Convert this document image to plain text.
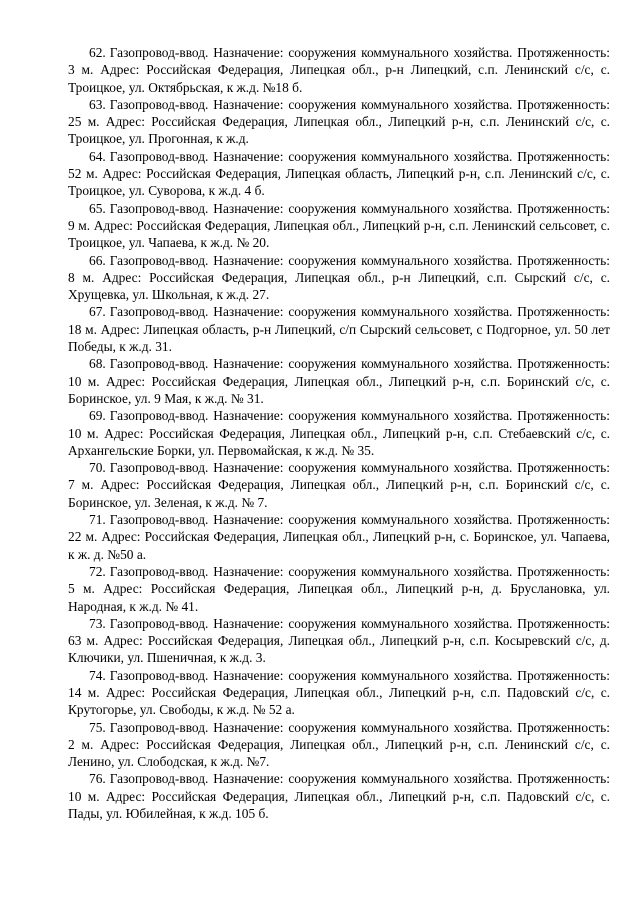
62. Газопровод-ввод. Назначение: сооружения коммунального хозяйства. Протяженность: 3 м. Адрес: Российская Федерация, Липецкая обл., р-н Липецкий, с.п. Ленинский с/с, с. Троицкое, ул. Октябрьская, к ж.д. №18 б.

63. Газопровод-ввод. Назначение: сооружения коммунального хозяйства. Протяженность: 25 м. Адрес: Российская Федерация, Липецкая обл., Липецкий р-н, с.п. Ленинский с/с, с. Троицкое, ул. Прогонная, к ж.д.

64. Газопровод-ввод. Назначение: сооружения коммунального хозяйства. Протяженность: 52 м. Адрес: Российская Федерация, Липецкая область, Липецкий р-н, с.п. Ленинский с/с, с. Троицкое, ул. Суворова, к ж.д. 4 б.

65. Газопровод-ввод. Назначение: сооружения коммунального хозяйства. Протяженность: 9 м. Адрес: Российская Федерация, Липецкая обл., Липецкий р-н, с.п. Ленинский сельсовет, с. Троицкое, ул. Чапаева, к ж.д. № 20.

66. Газопровод-ввод. Назначение: сооружения коммунального хозяйства. Протяженность: 8 м. Адрес: Российская Федерация, Липецкая обл., р-н Липецкий, с.п. Сырский с/с, с. Хрущевка, ул. Школьная, к ж.д. 27.

67. Газопровод-ввод. Назначение: сооружения коммунального хозяйства. Протяженность: 18 м. Адрес: Липецкая область, р-н Липецкий, с/п Сырский сельсовет, с Подгорное, ул. 50 лет Победы, к ж.д. 31.

68. Газопровод-ввод. Назначение: сооружения коммунального хозяйства. Протяженность: 10 м. Адрес: Российская Федерация, Липецкая обл., Липецкий р-н, с.п. Боринский с/с, с. Боринское, ул. 9 Мая, к ж.д. № 31.

69. Газопровод-ввод. Назначение: сооружения коммунального хозяйства. Протяженность: 10 м. Адрес: Российская Федерация, Липецкая обл., Липецкий р-н, с.п. Стебаевский с/с, с. Архангельские Борки, ул. Первомайская, к ж.д. № 35.

70. Газопровод-ввод. Назначение: сооружения коммунального хозяйства. Протяженность: 7 м. Адрес: Российская Федерация, Липецкая обл., Липецкий р-н, с.п. Боринский с/с, с. Боринское, ул. Зеленая, к ж.д. № 7.

71. Газопровод-ввод. Назначение: сооружения коммунального хозяйства. Протяженность: 22 м. Адрес: Российская Федерация, Липецкая обл., Липецкий р-н, с. Боринское, ул. Чапаева, к ж. д. №50 а.

72. Газопровод-ввод. Назначение: сооружения коммунального хозяйства. Протяженность: 5 м. Адрес: Российская Федерация, Липецкая обл., Липецкий р-н, д. Брусланoвка, ул. Народная, к ж.д. № 41.

73. Газопровод-ввод. Назначение: сооружения коммунального хозяйства. Протяженность: 63 м. Адрес: Российская Федерация, Липецкая обл., Липецкий р-н, с.п. Косыревский с/с, д. Ключики, ул. Пшеничная, к ж.д. 3.

74. Газопровод-ввод. Назначение: сооружения коммунального хозяйства. Протяженность: 14 м. Адрес: Российская Федерация, Липецкая обл., Липецкий р-н, с.п. Падовский с/с, с. Крутогорье, ул. Свободы, к ж.д. № 52 а.

75. Газопровод-ввод. Назначение: сооружения коммунального хозяйства. Протяженность: 2 м. Адрес: Российская Федерация, Липецкая обл., Липецкий р-н, с.п. Ленинский с/с, с. Ленино, ул. Слободская, к ж.д. №7.

76. Газопровод-ввод. Назначение: сооружения коммунального хозяйства. Протяженность: 10 м. Адрес: Российская Федерация, Липецкая обл., Липецкий р-н, с.п. Падовский с/с, с. Пады, ул. Юбилейная, к ж.д. 105 б.
